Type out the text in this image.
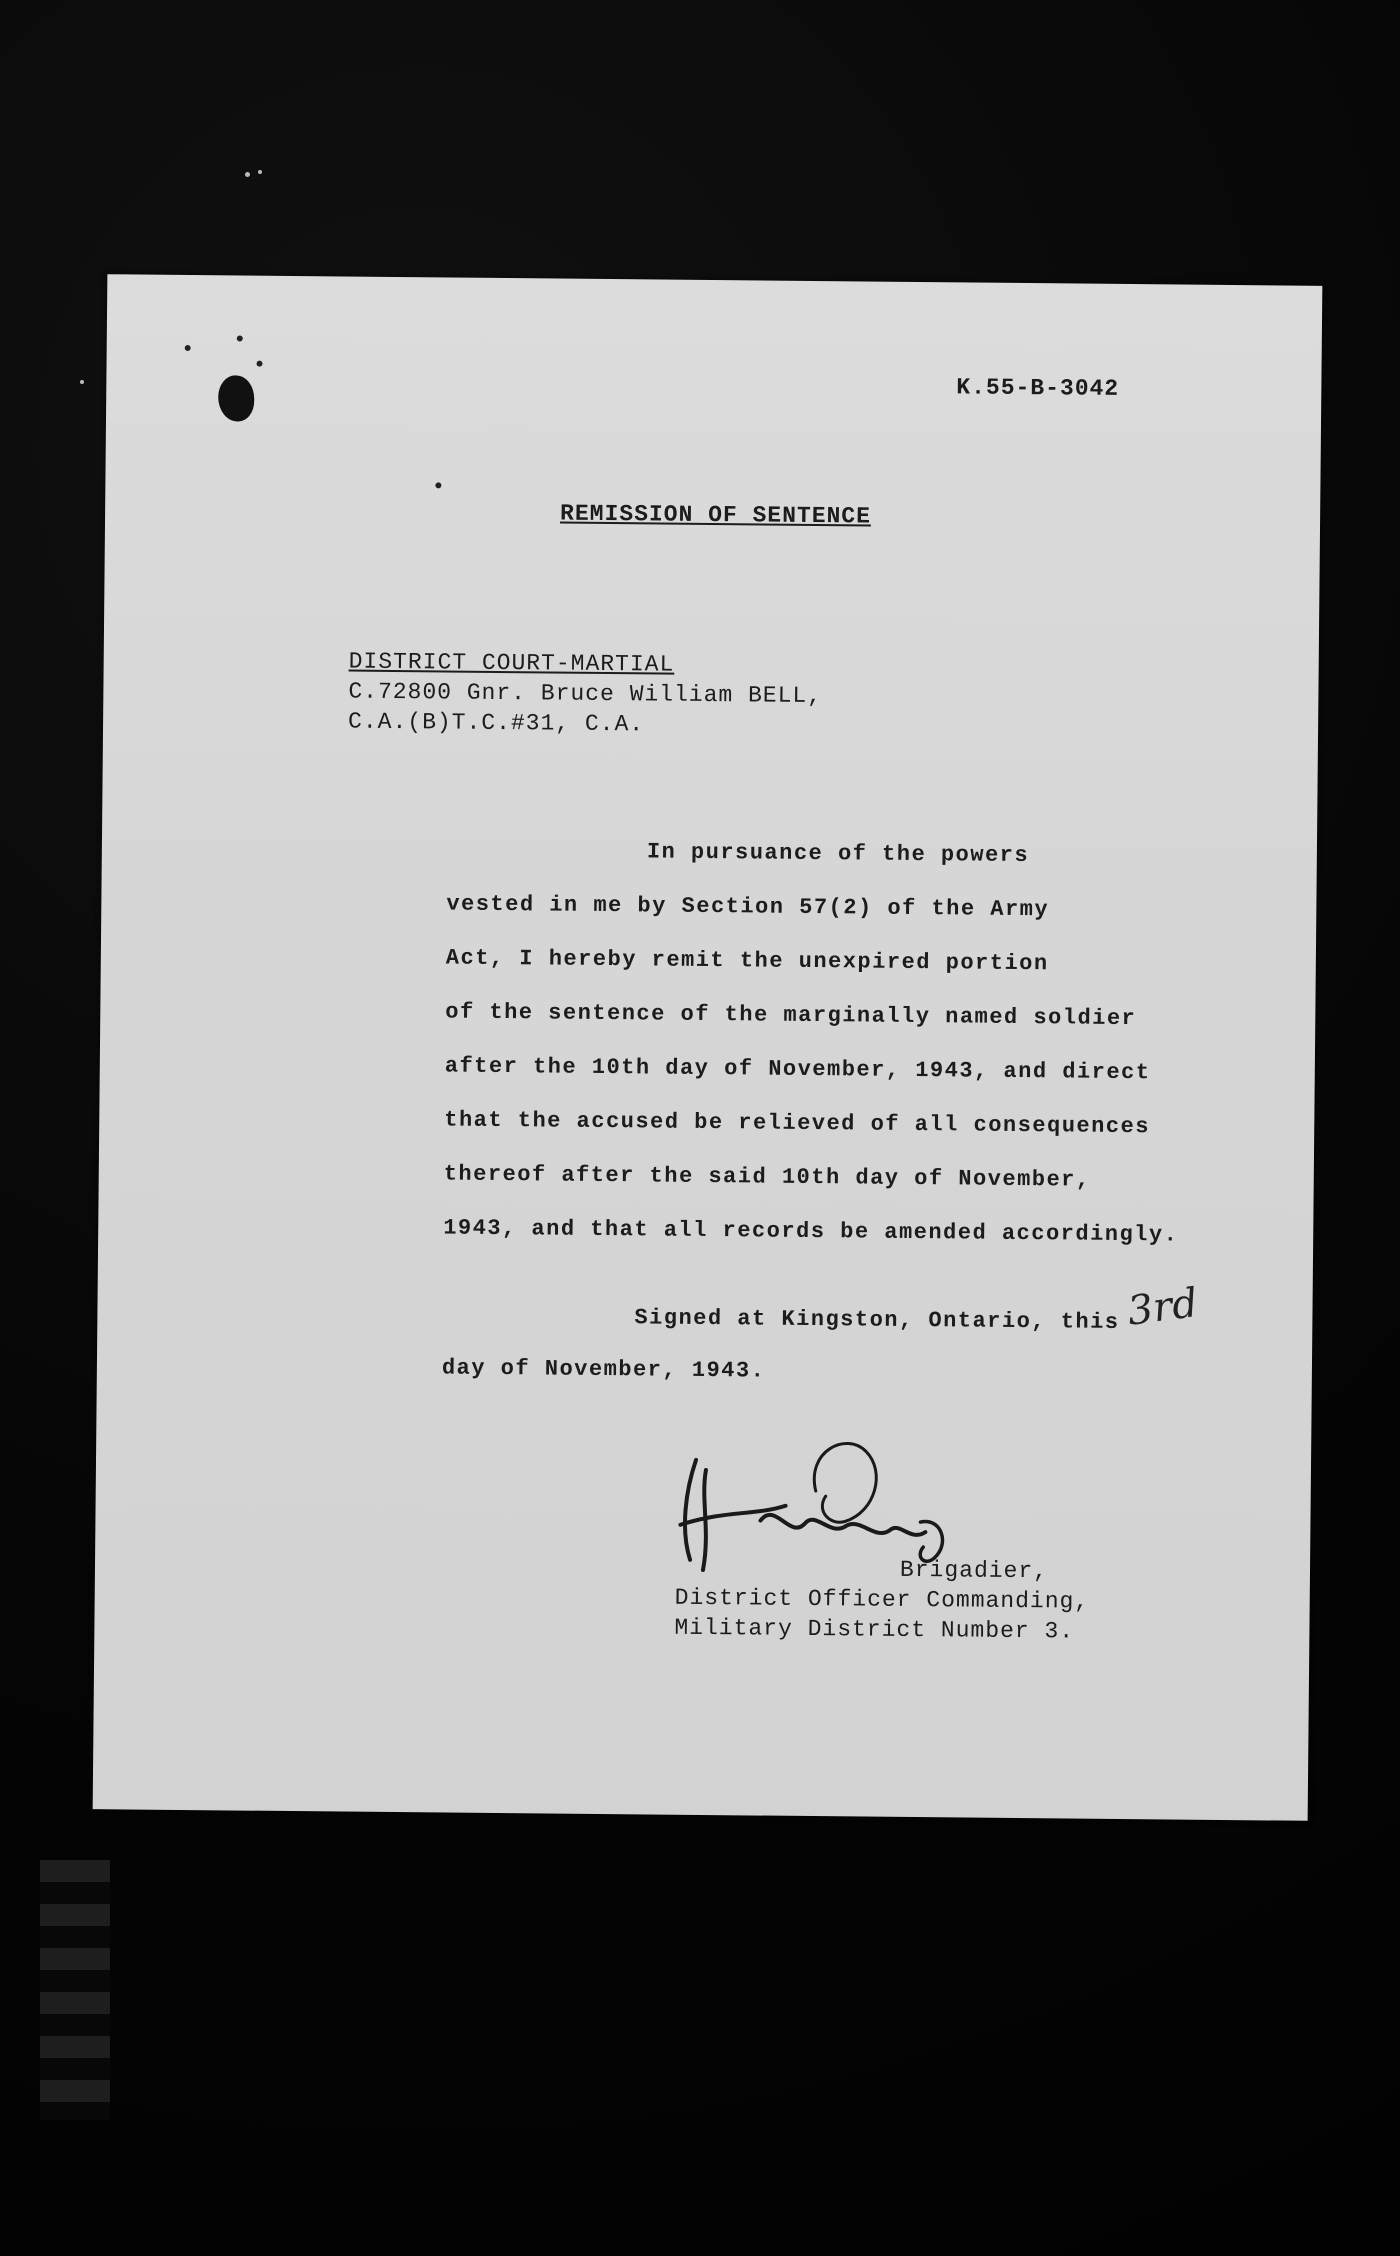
K.55-B-3042
REMISSION OF SENTENCE
DISTRICT COURT-MARTIAL
C.72800 Gnr. Bruce William BELL,
C.A.(B)T.C.#31, C.A.
In pursuance of the powers
vested in me by Section 57(2) of the Army
Act, I hereby remit the unexpired portion
of the sentence of the marginally named soldier
after the 10th day of November, 1943, and direct
that the accused be relieved of all consequences
thereof after the said 10th day of November,
1943, and that all records be amended accordingly.
Signed at Kingston, Ontario, this 3rd
day of November, 1943.
Brigadier,
District Officer Commanding,
Military District Number 3.
